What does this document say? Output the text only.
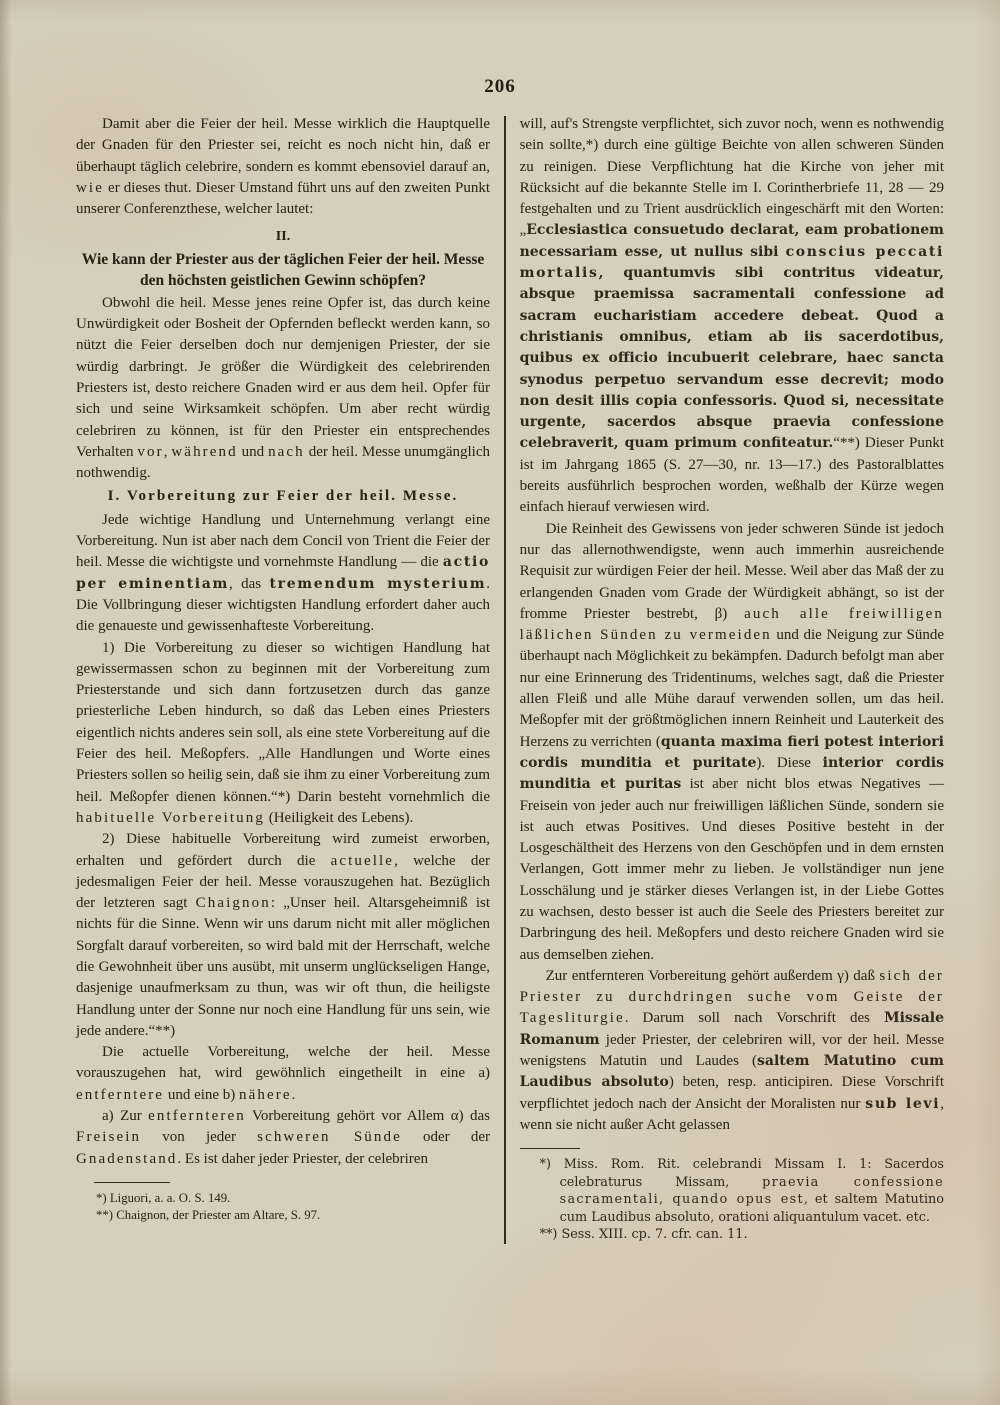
206

Damit aber die Feier der heil. Messe wirklich die Hauptquelle der Gnaden für den Priester sei, reicht es noch nicht hin, daß er überhaupt täglich celebrire, sondern es kommt ebensoviel darauf an, wie er dieses thut. Dieser Umstand führt uns auf den zweiten Punkt unserer Conferenzthese, welcher lautet:

II.

Wie kann der Priester aus der täglichen Feier der heil. Messe den höchsten geistlichen Gewinn schöpfen?

Obwohl die heil. Messe jenes reine Opfer ist, das durch keine Unwürdigkeit oder Bosheit der Opfernden befleckt werden kann, so nützt die Feier derselben doch nur demjenigen Priester, der sie würdig darbringt. Je größer die Würdigkeit des celebrirenden Priesters ist, desto reichere Gnaden wird er aus dem heil. Opfer für sich und seine Wirksamkeit schöpfen. Um aber recht würdig celebriren zu können, ist für den Priester ein entsprechendes Verhalten vor, während und nach der heil. Messe unumgänglich nothwendig.

I. Vorbereitung zur Feier der heil. Messe.

Jede wichtige Handlung und Unternehmung verlangt eine Vorbereitung. Nun ist aber nach dem Concil von Trient die Feier der heil. Messe die wichtigste und vornehmste Handlung — die actio per eminentiam, das tremendum mysterium. Die Vollbringung dieser wichtigsten Handlung erfordert daher auch die genaueste und gewissenhafteste Vorbereitung.

1) Die Vorbereitung zu dieser so wichtigen Handlung hat gewissermassen schon zu beginnen mit der Vorbereitung zum Priesterstande und sich dann fortzusetzen durch das ganze priesterliche Leben hindurch, so daß das Leben eines Priesters eigentlich nichts anderes sein soll, als eine stete Vorbereitung auf die Feier des heil. Meßopfers. „Alle Handlungen und Worte eines Priesters sollen so heilig sein, daß sie ihm zu einer Vorbereitung zum heil. Meßopfer dienen können.“*) Darin besteht vornehmlich die habituelle Vorbereitung (Heiligkeit des Lebens).

2) Diese habituelle Vorbereitung wird zumeist erworben, erhalten und gefördert durch die actuelle, welche der jedesmaligen Feier der heil. Messe vorauszugehen hat. Bezüglich der letzteren sagt Chaignon: „Unser heil. Altarsgeheimniß ist nichts für die Sinne. Wenn wir uns darum nicht mit aller möglichen Sorgfalt darauf vorbereiten, so wird bald mit der Herrschaft, welche die Gewohnheit über uns ausübt, mit unserm unglückseligen Hange, dasjenige unaufmerksam zu thun, was wir oft thun, die heiligste Handlung unter der Sonne nur noch eine Handlung für uns sein, wie jede andere.“**)

Die actuelle Vorbereitung, welche der heil. Messe vorauszugehen hat, wird gewöhnlich eingetheilt in eine a) entferntere und eine b) nähere.

a) Zur entfernteren Vorbereitung gehört vor Allem α) das Freisein von jeder schweren Sünde oder der Gnadenstand. Es ist daher jeder Priester, der celebriren

*) Liguori, a. a. O. S. 149.

**) Chaignon, der Priester am Altare, S. 97.

will, auf's Strengste verpflichtet, sich zuvor noch, wenn es nothwendig sein sollte,*) durch eine gültige Beichte von allen schweren Sünden zu reinigen. Diese Verpflichtung hat die Kirche von jeher mit Rücksicht auf die bekannte Stelle im I. Corintherbriefe 11, 28 — 29 festgehalten und zu Trient ausdrücklich eingeschärft mit den Worten: „Ecclesiastica consuetudo declarat, eam probationem necessariam esse, ut nullus sibi conscius peccati mortalis, quantumvis sibi contritus videatur, absque praemissa sacramentali confessione ad sacram eucharistiam accedere debeat. Quod a christianis omnibus, etiam ab iis sacerdotibus, quibus ex officio incubuerit celebrare, haec sancta synodus perpetuo servandum esse decrevit; modo non desit illis copia confessoris. Quod si, necessitate urgente, sacerdos absque praevia confessione celebraverit, quam primum confiteatur.“**) Dieser Punkt ist im Jahrgang 1865 (S. 27—30, nr. 13—17.) des Pastoralblattes bereits ausführlich besprochen worden, weßhalb der Kürze wegen einfach hierauf verwiesen wird.

Die Reinheit des Gewissens von jeder schweren Sünde ist jedoch nur das allernothwendigste, wenn auch immerhin ausreichende Requisit zur würdigen Feier der heil. Messe. Weil aber das Maß der zu erlangenden Gnaden vom Grade der Würdigkeit abhängt, so ist der fromme Priester bestrebt, β) auch alle freiwilligen läßlichen Sünden zu vermeiden und die Neigung zur Sünde überhaupt nach Möglichkeit zu bekämpfen. Dadurch befolgt man aber nur eine Erinnerung des Tridentinums, welches sagt, daß die Priester allen Fleiß und alle Mühe darauf verwenden sollen, um das heil. Meßopfer mit der größtmöglichen innern Reinheit und Lauterkeit des Herzens zu verrichten (quanta maxima fieri potest interiori cordis munditia et puritate). Diese interior cordis munditia et puritas ist aber nicht blos etwas Negatives — Freisein von jeder auch nur freiwilligen läßlichen Sünde, sondern sie ist auch etwas Positives. Und dieses Positive besteht in der Losgeschältheit des Herzens von den Geschöpfen und in dem ernsten Verlangen, Gott immer mehr zu lieben. Je vollständiger nun jene Losschälung und je stärker dieses Verlangen ist, in der Liebe Gottes zu wachsen, desto besser ist auch die Seele des Priesters bereitet zur Darbringung des heil. Meßopfers und desto reichere Gnaden wird sie aus demselben ziehen.

Zur entfernteren Vorbereitung gehört außerdem γ) daß sich der Priester zu durchdringen suche vom Geiste der Tagesliturgie. Darum soll nach Vorschrift des Missale Romanum jeder Priester, der celebriren will, vor der heil. Messe wenigstens Matutin und Laudes (saltem Matutino cum Laudibus absoluto) beten, resp. anticipiren. Diese Vorschrift verpflichtet jedoch nach der Ansicht der Moralisten nur sub levi, wenn sie nicht außer Acht gelassen

*) Miss. Rom. Rit. celebrandi Missam I. 1: Sacerdos celebraturus Missam, praevia confessione sacramentali, quando opus est, et saltem Matutino cum Laudibus absoluto, orationi aliquantulum vacet. etc.

**) Sess. XIII. cp. 7. cfr. can. 11.
